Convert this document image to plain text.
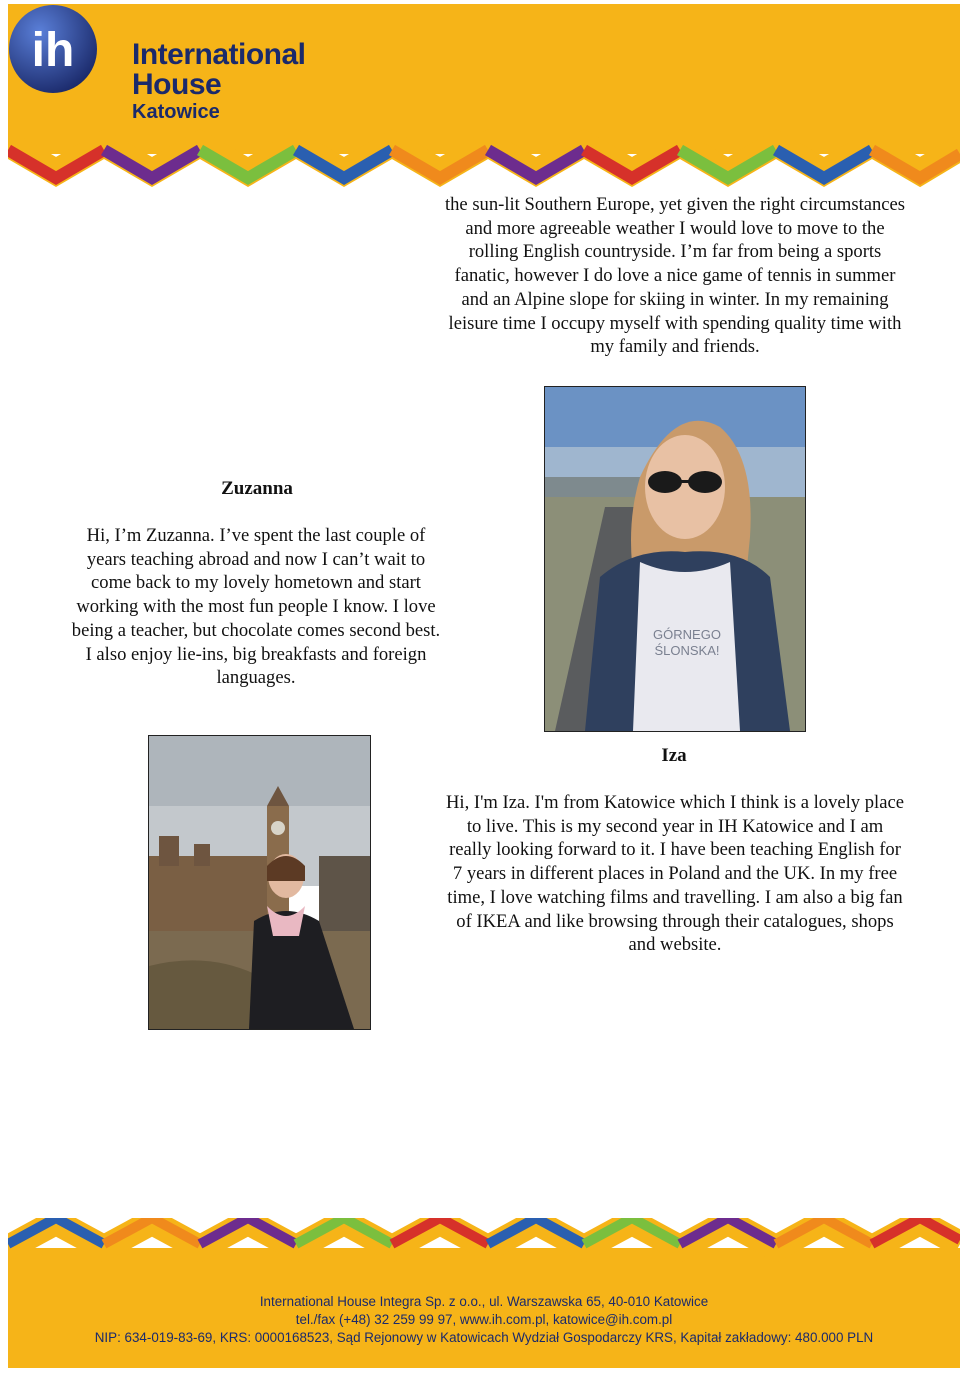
ih International
House
Katowice
the sun-lit Southern Europe, yet given the right circumstances and more agreeable weather I would love to move to the rolling English countryside. I’m far from being a sports fanatic, however I do love a nice game of tennis in summer and an Alpine slope for skiing in winter. In my remaining leisure time I occupy myself with spending quality time with my family and friends.
GÓRNEGO
ŚLONSKA!
Zuzanna
Hi, I’m Zuzanna. I’ve spent the last couple of years teaching abroad and now I can’t wait to come back to my lovely hometown and start working with the most fun people I know. I love being a teacher, but chocolate comes second best. I also enjoy lie-ins, big breakfasts and foreign languages.
Iza
Hi, I'm Iza. I'm from Katowice which I think is a lovely place to live. This is my second year in IH Katowice and I am really looking forward to it. I have been teaching English for 7 years in different places in Poland and the UK. In my free time, I love watching films and travelling. I am also a big fan of IKEA and like browsing through their catalogues, shops and website.
International House Integra Sp. z o.o., ul. Warszawska 65, 40-010 Katowice
tel./fax (+48) 32 259 99 97, www.ih.com.pl, katowice@ih.com.pl
NIP: 634-019-83-69, KRS: 0000168523, Sąd Rejonowy w Katowicach Wydział Gospodarczy KRS, Kapitał zakładowy: 480.000 PLN
